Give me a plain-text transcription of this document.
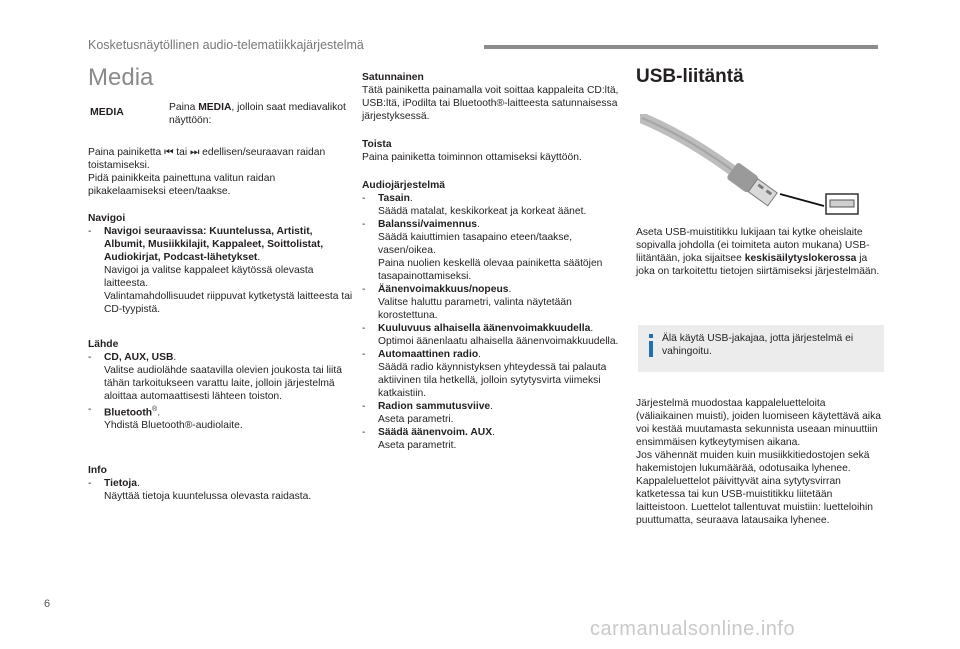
Kosketusnäytöllinen audio-telematiikkajärjestelmä
Media
MEDIA	Paina MEDIA, jolloin saat mediavalikot näyttöön:

Paina painiketta ⏮ tai ⏭ edellisen/seuraavan raidan toistamiseksi.

Pidä painikkeita painettuna valitun raidan pikakelaamiseksi eteen/taakse.

Navigoi

- Navigoi seuraavissa: Kuuntelussa, Artistit, Albumit, Musiikkilajit, Kappaleet, Soittolistat, Audiokirjat, Podcast-lähetykset.

Navigoi ja valitse kappaleet käytössä olevasta laitteesta.

Valintamahdollisuudet riippuvat kytketystä laitteesta tai CD-tyypistä.

Lähde

- CD, AUX, USB.

Valitse audiolähde saatavilla olevien joukosta tai liitä tähän tarkoitukseen varattu laite, jolloin järjestelmä aloittaa automaattisesti lähteen toiston.

- Bluetooth®.

Yhdistä Bluetooth®-audiolaite.

Info

- Tietoja.

Näyttää tietoja kuuntelussa olevasta raidasta.

Satunnainen

Tätä painiketta painamalla voit soittaa kappaleita CD:ltä, USB:ltä, iPodilta tai Bluetooth®-laitteesta satunnaisessa järjestyksessä.

Toista

Paina painiketta toiminnon ottamiseksi käyttöön.

Audiojärjestelmä

- Tasain.

Säädä matalat, keskikorkeat ja korkeat äänet.

- Balanssi/vaimennus.

Säädä kaiuttimien tasapaino eteen/taakse, vasen/oikea.

Paina nuolien keskellä olevaa painiketta säätöjen tasapainottamiseksi.

- Äänenvoimakkuus/nopeus.

Valitse haluttu parametri, valinta näytetään korostettuna.

- Kuuluvuus alhaisella äänenvoimakkuudella.

Optimoi äänenlaatu alhaisella äänenvoimakkuudella.

- Automaattinen radio.

Säädä radio käynnistyksen yhteydessä tai palauta aktiivinen tila hetkellä, jolloin sytytysvirta viimeksi katkaistiin.

- Radion sammutusviive.

Aseta parametri.

- Säädä äänenvoim. AUX.

Aseta parametrit.

USB-liitäntä

Aseta USB-muistitikku lukijaan tai kytke oheislaite sopivalla johdolla (ei toimiteta auton mukana) USB-liitäntään, joka sijaitsee keskisäilytyslokerossa ja joka on tarkoitettu tietojen siirtämiseksi järjestelmään.

Järjestelmä muodostaa kappaleluetteloita (väliaikainen muisti), joiden luomiseen käytettävä aika voi kestää muutamasta sekunnista useaan minuuttiin ensimmäisen kytkeytymisen aikana.

Jos vähennät muiden kuin musiikkitiedostojen sekä hakemistojen lukumäärää, odotusaika lyhenee.

Kappaleluettelot päivittyvät aina sytytysvirran katketessa tai kun USB-muistitikku liitetään laitteistoon. Luettelot tallentuvat muistiin: luetteloihin puuttumatta, seuraava latausaika lyhenee.

Älä käytä USB-jakajaa, jotta järjestelmä ei vahingoitu.
6
carmanualsonline.info
